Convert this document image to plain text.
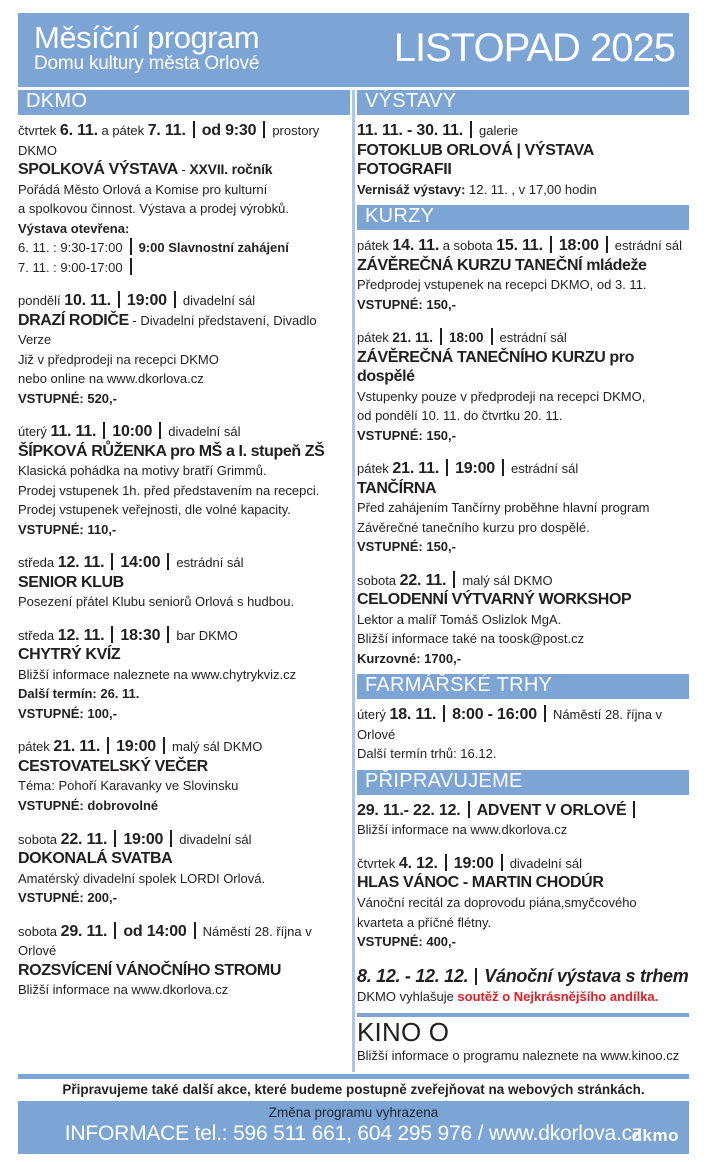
Měsíční program
Domu kultury města Orlové	LISTOPAD 2025
DKMO
čtvrtek 6. 11. a pátek 7. 11. od 9:30 prostory DKMO
SPOLKOVÁ VÝSTAVA - XXVII. ročník
Pořádá Město Orlová a Komise pro kulturní
a spolkovou činnost. Výstava a prodej výrobků.
Výstava otevřena:
6. 11. : 9:30-17:00 9:00 Slavnostní zahájení
7. 11. : 9:00-17:00
pondělí 10. 11. 19:00 divadelní sál
DRAZÍ RODIČE - Divadelní představení, Divadlo Verze
Již v předprodeji na recepci DKMO
nebo online na www.dkorlova.cz
VSTUPNÉ: 520,-
úterý 11. 11. 10:00 divadelní sál
ŠÍPKOVÁ RŮŽENKA pro MŠ a I. stupeň ZŠ
Klasická pohádka na motivy bratří Grimmů.
Prodej vstupenek 1h. před představením na recepci.
Prodej vstupenek veřejnosti, dle volné kapacity.
VSTUPNÉ: 110,-
středa 12. 11. 14:00 estrádní sál
SENIOR KLUB
Posezení přátel Klubu seniorů Orlová s hudbou.
středa 12. 11. 18:30 bar DKMO
CHYTRÝ KVÍZ
Bližší informace naleznete na www.chytrykviz.cz
Další termín: 26. 11.
VSTUPNÉ: 100,-
pátek 21. 11. 19:00 malý sál DKMO
CESTOVATELSKÝ VEČER
Téma: Pohoří Karavanky ve Slovinsku
VSTUPNÉ: dobrovolné
sobota 22. 11. 19:00 divadelní sál
DOKONALÁ SVATBA
Amatérský divadelní spolek LORDI Orlová.
VSTUPNÉ: 200,-
sobota 29. 11. od 14:00 Náměstí 28. října v Orlové
ROZSVÍCENÍ VÁNOČNÍHO STROMU
Bližší informace na www.dkorlova.cz
VÝSTAVY
11. 11. - 30. 11. galerie
FOTOKLUB ORLOVÁ | VÝSTAVA FOTOGRAFII
Vernisáž výstavy: 12. 11. , v 17,00 hodin
KURZY
pátek 14. 11. a sobota 15. 11. 18:00 estrádní sál
ZÁVĚREČNÁ KURZU TANEČNÍ mládeže
Předprodej vstupenek na recepci DKMO, od 3. 11.
VSTUPNÉ: 150,-
pátek 21. 11. 18:00 estrádní sál
ZÁVĚREČNÁ TANEČNÍHO KURZU pro dospělé
Vstupenky pouze v předprodeji na recepci DKMO,
od pondělí 10. 11. do čtvrtku 20. 11.
VSTUPNÉ: 150,-
pátek 21. 11. 19:00 estrádní sál
TANČÍRNA
Před zahájením Tančírny proběhne hlavní program
Závěrečné tanečního kurzu pro dospělé.
VSTUPNÉ: 150,-
sobota 22. 11. malý sál DKMO
CELODENNÍ VÝTVARNÝ WORKSHOP
Lektor a malíř Tomáš Oslizlok MgA.
Bližší informace také na toosk@post.cz
Kurzovné: 1700,-
FARMÁŘSKÉ TRHY
úterý 18. 11. 8:00 - 16:00 Náměstí 28. října v Orlové
Další termín trhů: 16.12.
PŘIPRAVUJEME
29. 11.- 22. 12. ADVENT V ORLOVÉ
Bližší informace na www.dkorlova.cz
čtvrtek 4. 12. 19:00 divadelní sál
HLAS VÁNOC - MARTIN CHODÚR
Vánoční recitál za doprovodu piána,smyčcového
kvarteta a příčné flétny.
VSTUPNÉ: 400,-
8. 12. - 12. 12. Vánoční výstava s trhem
DKMO vyhlašuje soutěž o Nejkrásnějšího andílka.
KINO O
Bližší informace o programu naleznete na www.kinoo.cz
Připravujeme také další akce, které budeme postupně zveřejňovat na webových stránkách.
Změna programu vyhrazena
INFORMACE tel.: 596 511 661, 604 295 976 / www.dkorlova.cz
dkmo
